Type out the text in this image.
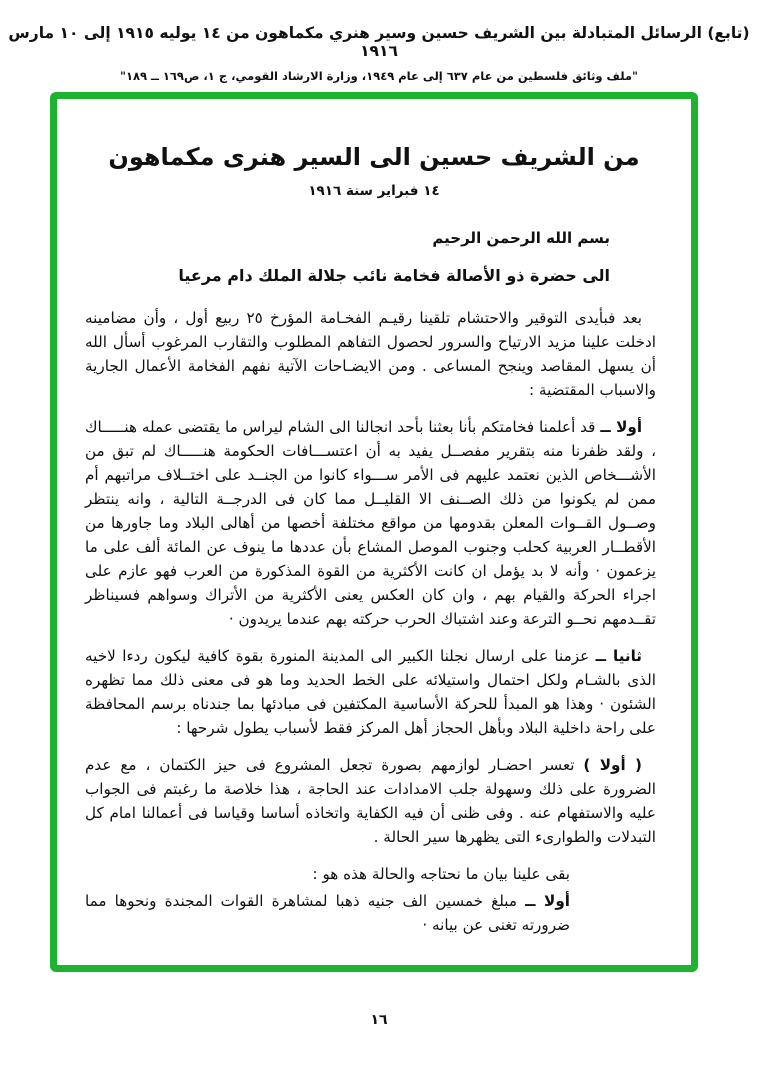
(تابع) الرسائل المتبادلة بين الشريف حسين وسير هنري مكماهون من ١٤ يوليه ١٩١٥ إلى ١٠ مارس ١٩١٦
"ملف وثائق فلسطين من عام ٦٣٧ إلى عام ١٩٤٩، وزارة الارشاد القومي، ج ١، ص١٦٩ ــ ١٨٩"
من الشريف حسين الى السير هنرى مكماهون
١٤ فبراير سنة ١٩١٦
بسم الله الرحمن الرحيم
الى حضرة ذو الأصالة فخامة نائب جلالة الملك دام مرعيا

بعد فبأيدى التوقير والاحتشام تلقينا رقيـم الفخـامة المؤرخ ٢٥ ربيع أول ، وأن مضامينه ادخلت علينا مزيد الارتياح والسرور لحصول التفاهم المطلوب والتقارب المرغوب أسأل الله أن يسهل المقاصد وينجح المساعى . ومن الايضـاحات الآتية نفهم الفخامة الأعمال الجارية والاسباب المقتضية :

أولا ــ قد أعلمنا فخامتكم بأنا بعثنا بأحد انجالنا الى الشام ليراس ما يقتضى عمله هنـــــاك ، ولقد ظفرنا منه بتقرير مفصــل يفيد به أن اعتســـافات الحكومة هنـــــاك لم تبق من الأشـــخاص الذين نعتمد عليهم فى الأمر ســـواء كانوا من الجنــد على اختــلاف مراتبهم أم ممن لم يكونوا من ذلك الصــنف الا القليــل مما كان فى الدرجــة التالية ، وانه ينتظر وصــول القــوات المعلن بقدومها من مواقع مختلفة أخصها من أهالى البلاد وما جاورها من الأقطــار العربية كحلب وجنوب الموصل المشاع بأن عددها ما ينوف عن المائة ألف على ما يزعمون · وأنه لا بد يؤمل ان كانت الأكثرية من القوة المذكورة من العرب فهو عازم على اجراء الحركة والقيام بهم ، وان كان العكس يعنى الأكثرية من الأتراك وسواهم فسيناظر تقــدمهم نحــو الترعة وعند اشتباك الحرب حركته بهم عندما يريدون ·

ثانيا ــ عزمنا على ارسال نجلنا الكبير الى المدينة المنورة بقوة كافية ليكون ردءا لاخيه الذى بالشـام ولكل احتمال واستيلائه على الخط الحديد وما هو فى معنى ذلك مما تظهره الشئون · وهذا هو المبدأ للحركة الأساسية المكتفين فى مبادئها بما جندناه برسم المحافظة على راحة داخلية البلاد وبأهل الحجاز أهل المركز فقط لأسباب يطول شرحها :

( أولا ) تعسر احضـار لوازمهم بصورة تجعل المشروع فى حيز الكتمان ، مع عدم الضرورة على ذلك وسهولة جلب الامدادات عند الحاجة ، هذا خلاصة ما رغبتم فى الجواب عليه والاستفهام عنه . وفى ظنى أن فيه الكفاية واتخاذه أساسا وقياسا فى أعمالنا امام كل التبدلات والطوارىء التى يظهرها سير الحالة .

بقى علينا بيان ما نحتاجه والحالة هذه هو :

أولا ــ مبلغ خمسين الف جنيه ذهبا لمشاهرة القوات المجندة ونحوها مما ضرورته تغنى عن بيانه ·

١٦
